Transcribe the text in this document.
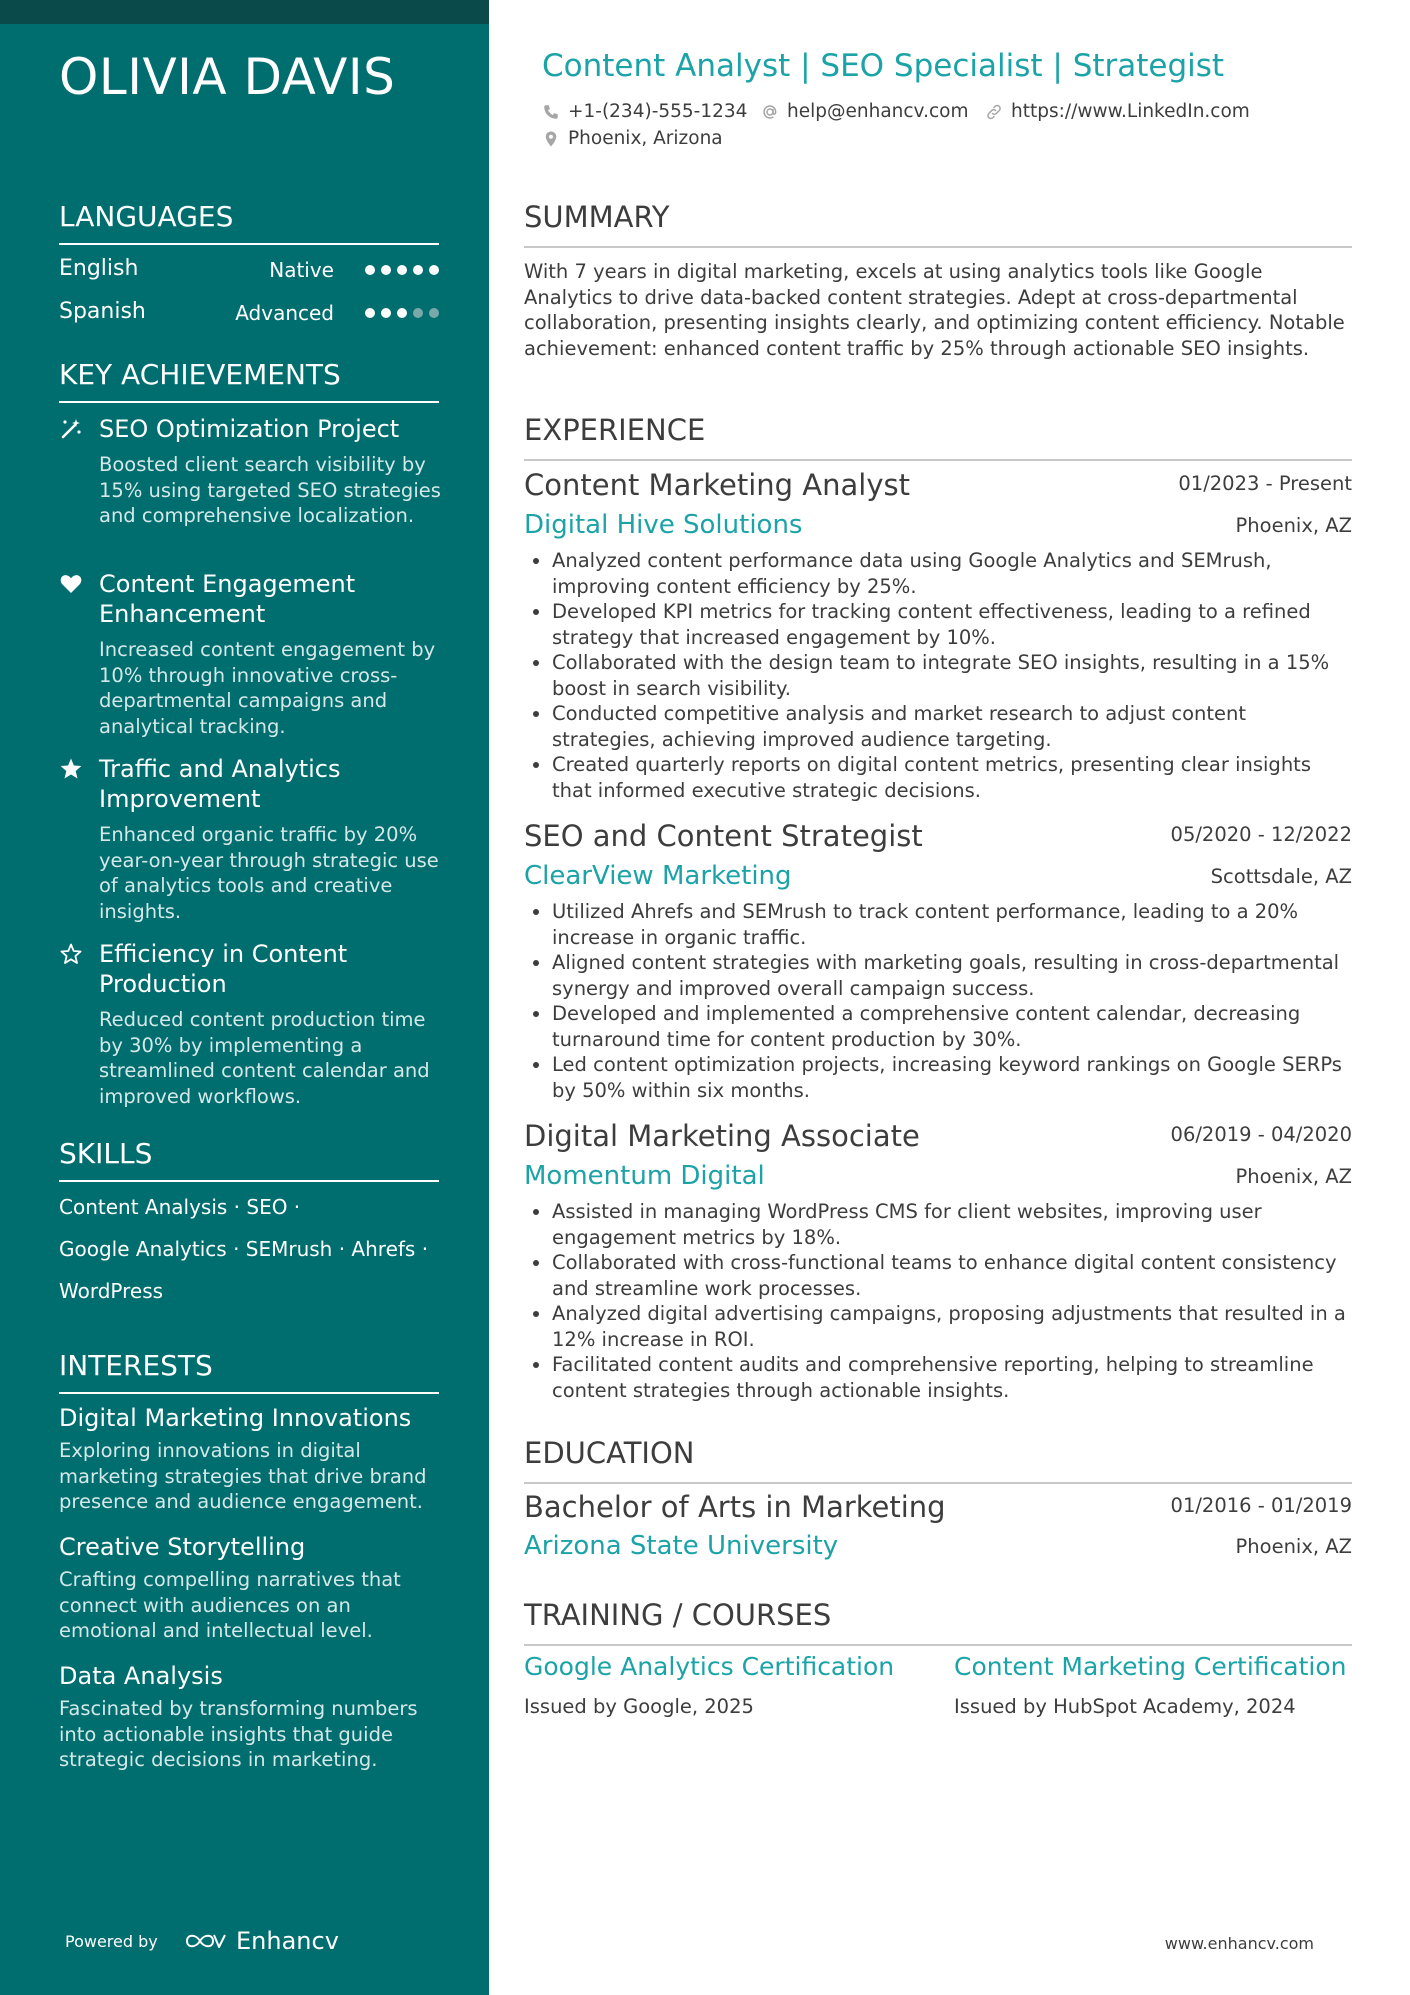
OLIVIA DAVIS
LANGUAGES
English	Native
Spanish	Advanced
KEY ACHIEVEMENTS
SEO Optimization Project
Boosted client search visibility by 15% using targeted SEO strategies and comprehensive localization.
Content Engagement Enhancement
Increased content engagement by 10% through innovative cross-departmental campaigns and analytical tracking.
Traffic and Analytics Improvement
Enhanced organic traffic by 20% year-on-year through strategic use of analytics tools and creative insights.
Efficiency in Content Production
Reduced content production time by 30% by implementing a streamlined content calendar and improved workflows.
SKILLS
Content Analysis · SEO ·
Google Analytics · SEMrush · Ahrefs ·
WordPress
INTERESTS
Digital Marketing Innovations
Exploring innovations in digital marketing strategies that drive brand presence and audience engagement.
Creative Storytelling
Crafting compelling narratives that connect with audiences on an emotional and intellectual level.
Data Analysis
Fascinated by transforming numbers into actionable insights that guide strategic decisions in marketing.
Powered by	Enhancv
Content Analyst | SEO Specialist | Strategist
+1-(234)-555-1234 help@enhancv.com https://www.LinkedIn.com
Phoenix, Arizona
SUMMARY
With 7 years in digital marketing, excels at using analytics tools like Google Analytics to drive data-backed content strategies. Adept at cross-departmental collaboration, presenting insights clearly, and optimizing content efficiency. Notable achievement: enhanced content traffic by 25% through actionable SEO insights.
EXPERIENCE
Content Marketing Analyst	01/2023 - Present
Digital Hive Solutions	Phoenix, AZ
• Analyzed content performance data using Google Analytics and SEMrush, improving content efficiency by 25%.
• Developed KPI metrics for tracking content effectiveness, leading to a refined strategy that increased engagement by 10%.
• Collaborated with the design team to integrate SEO insights, resulting in a 15% boost in search visibility.
• Conducted competitive analysis and market research to adjust content strategies, achieving improved audience targeting.
• Created quarterly reports on digital content metrics, presenting clear insights that informed executive strategic decisions.
SEO and Content Strategist	05/2020 - 12/2022
ClearView Marketing	Scottsdale, AZ
• Utilized Ahrefs and SEMrush to track content performance, leading to a 20% increase in organic traffic.
• Aligned content strategies with marketing goals, resulting in cross-departmental synergy and improved overall campaign success.
• Developed and implemented a comprehensive content calendar, decreasing turnaround time for content production by 30%.
• Led content optimization projects, increasing keyword rankings on Google SERPs by 50% within six months.
Digital Marketing Associate	06/2019 - 04/2020
Momentum Digital	Phoenix, AZ
• Assisted in managing WordPress CMS for client websites, improving user engagement metrics by 18%.
• Collaborated with cross-functional teams to enhance digital content consistency and streamline work processes.
• Analyzed digital advertising campaigns, proposing adjustments that resulted in a 12% increase in ROI.
• Facilitated content audits and comprehensive reporting, helping to streamline content strategies through actionable insights.
EDUCATION
Bachelor of Arts in Marketing	01/2016 - 01/2019
Arizona State University	Phoenix, AZ
TRAINING / COURSES
Google Analytics Certification
Issued by Google, 2025
Content Marketing Certification
Issued by HubSpot Academy, 2024
www.enhancv.com
